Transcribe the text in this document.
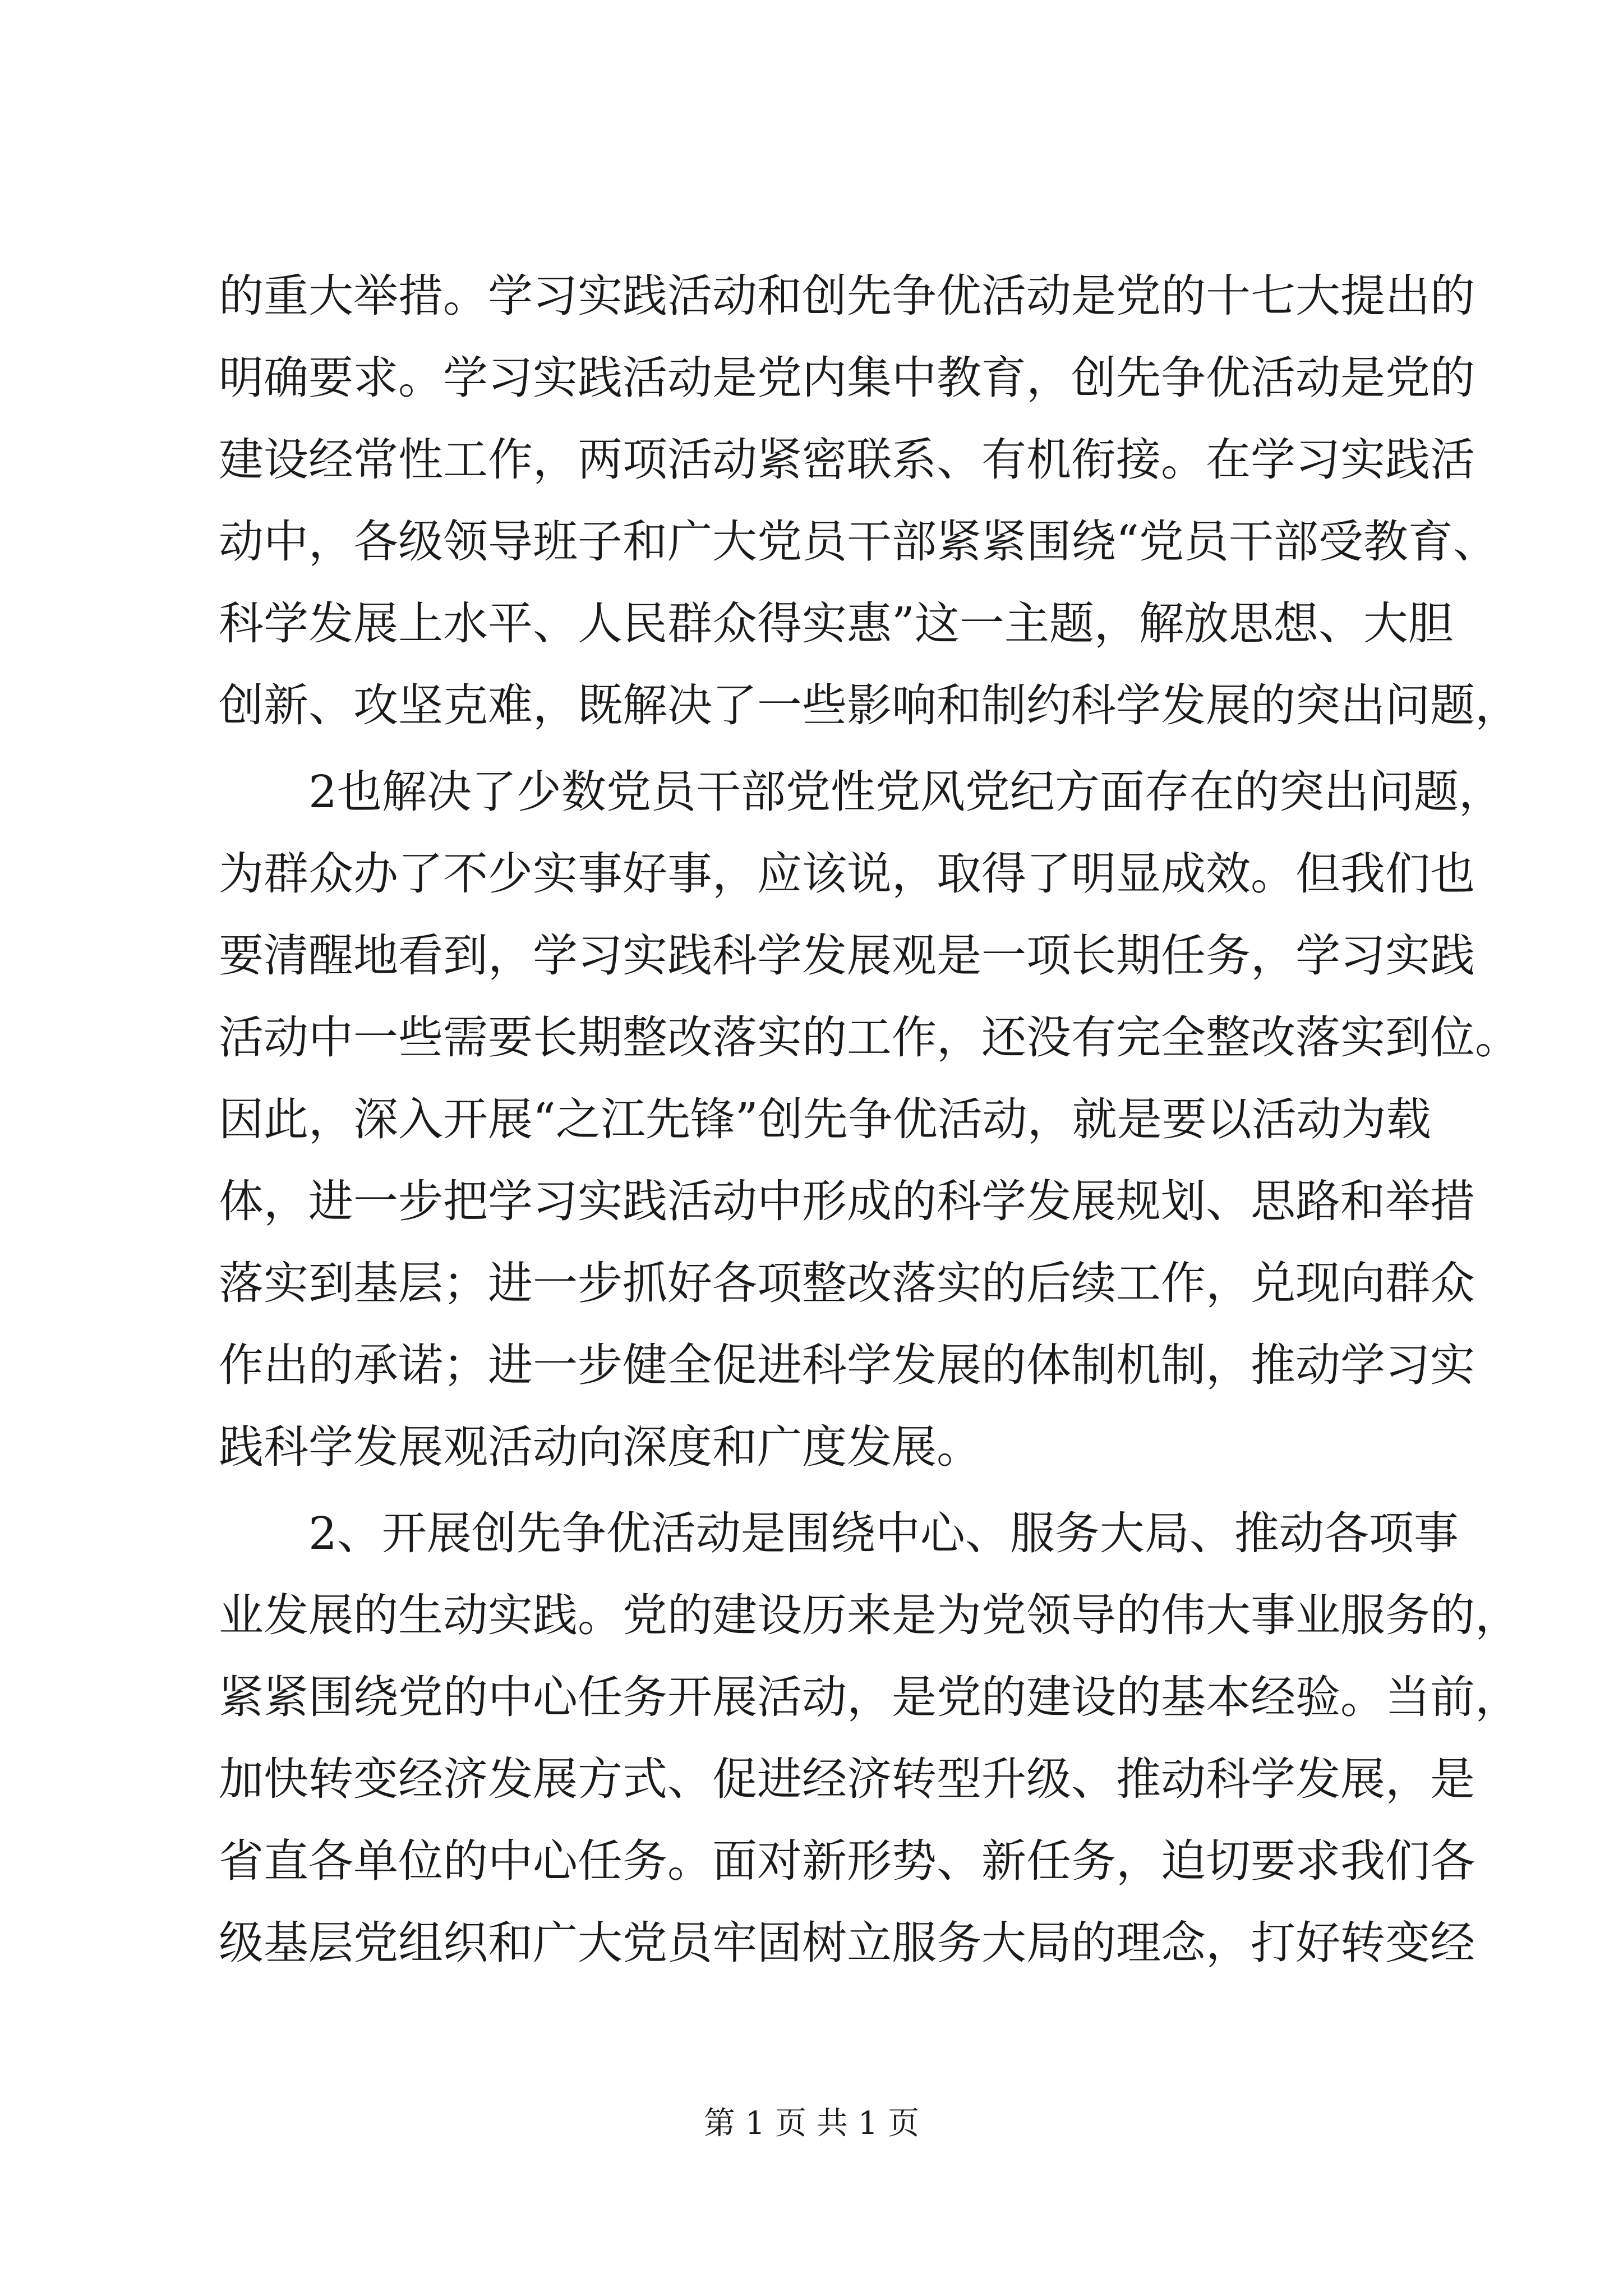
的重大举措。学习实践活动和创先争优活动是党的十七大提出的
明确要求。学习实践活动是党内集中教育，创先争优活动是党的
建设经常性工作，两项活动紧密联系、有机衔接。在学习实践活
动中，各级领导班子和广大党员干部紧紧围绕“党员干部受教育、
科学发展上水平、人民群众得实惠”这一主题，解放思想、大胆
创新、攻坚克难，既解决了一些影响和制约科学发展的突出问题，
2也解决了少数党员干部党性党风党纪方面存在的突出问题，
为群众办了不少实事好事，应该说，取得了明显成效。但我们也
要清醒地看到，学习实践科学发展观是一项长期任务，学习实践
活动中一些需要长期整改落实的工作，还没有完全整改落实到位。
因此，深入开展“之江先锋”创先争优活动，就是要以活动为载
体，进一步把学习实践活动中形成的科学发展规划、思路和举措
落实到基层；进一步抓好各项整改落实的后续工作，兑现向群众
作出的承诺；进一步健全促进科学发展的体制机制，推动学习实
践科学发展观活动向深度和广度发展。
2、开展创先争优活动是围绕中心、服务大局、推动各项事
业发展的生动实践。党的建设历来是为党领导的伟大事业服务的，
紧紧围绕党的中心任务开展活动，是党的建设的基本经验。当前，
加快转变经济发展方式、促进经济转型升级、推动科学发展，是
省直各单位的中心任务。面对新形势、新任务，迫切要求我们各
级基层党组织和广大党员牢固树立服务大局的理念，打好转变经
第 1 页 共 1 页
